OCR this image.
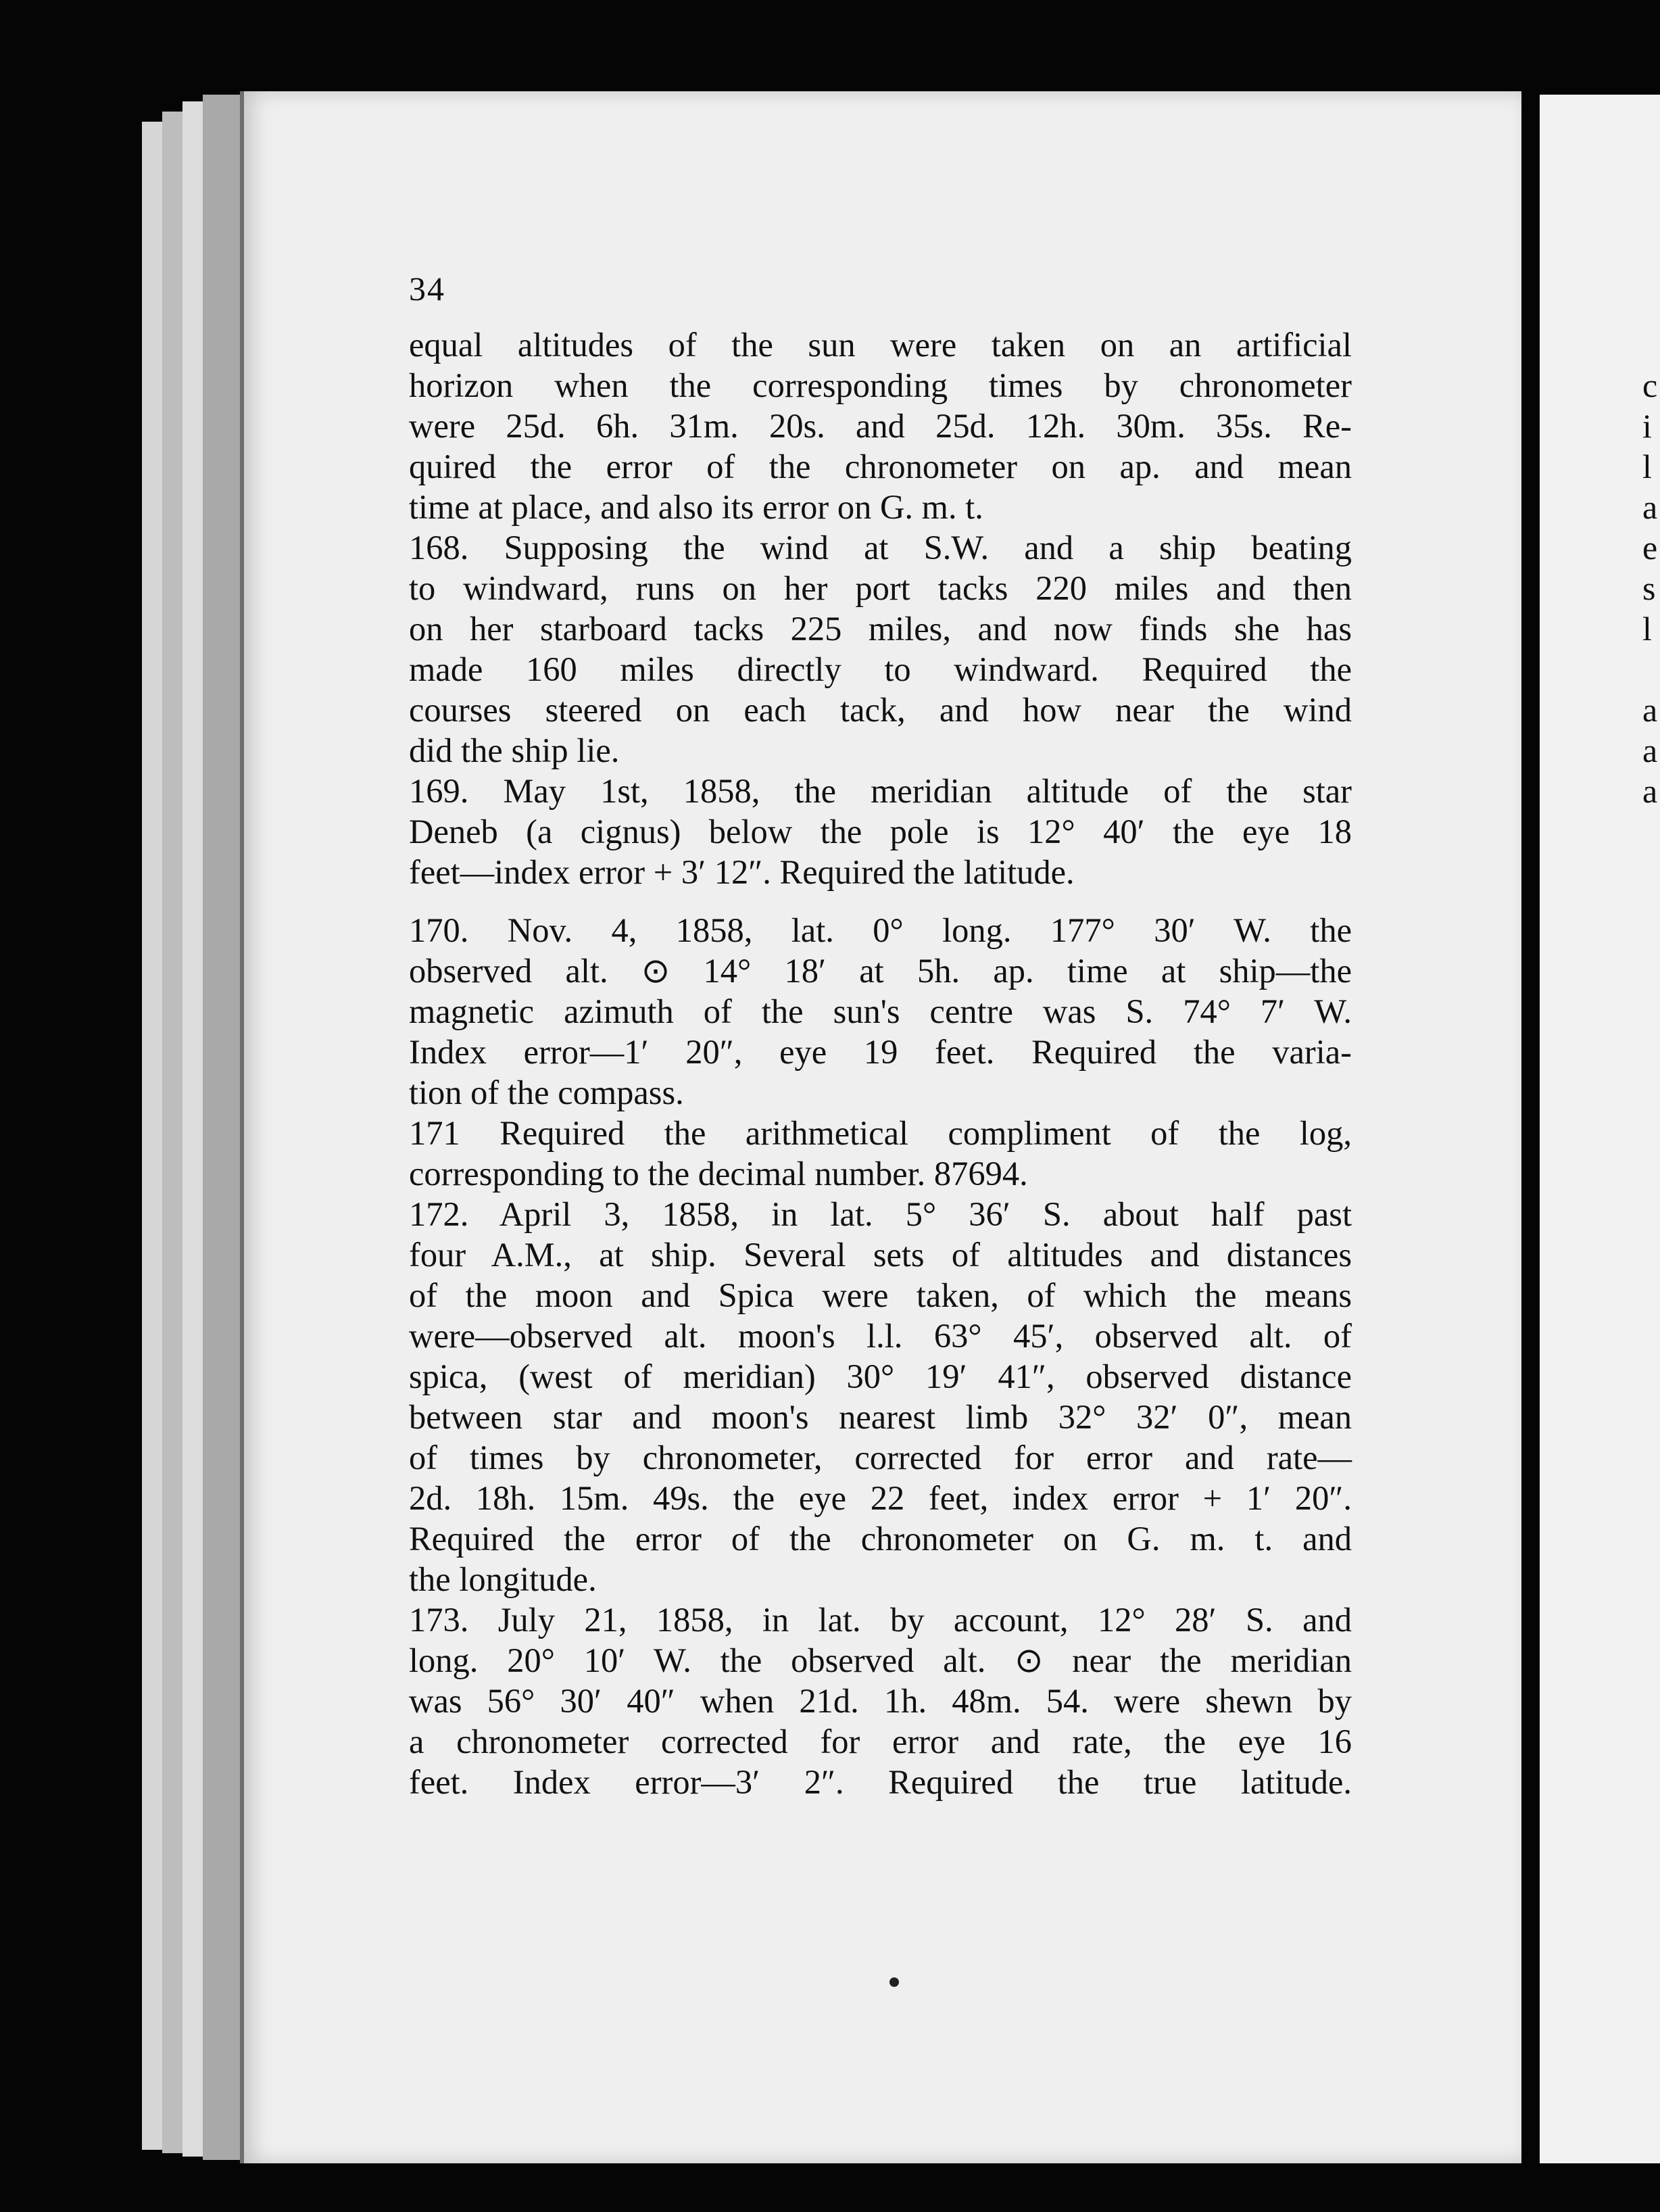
34
equal altitudes of the sun were taken on an artificial
horizon when the corresponding times by chronometer
were 25d. 6h. 31m. 20s. and 25d. 12h. 30m. 35s. Re-
quired the error of the chronometer on ap. and mean
time at place, and also its error on G. m. t.
168. Supposing the wind at S.W. and a ship beating
to windward, runs on her port tacks 220 miles and then
on her starboard tacks 225 miles, and now finds she has
made 160 miles directly to windward. Required the
courses steered on each tack, and how near the wind
did the ship lie.
169. May 1st, 1858, the meridian altitude of the star
Deneb (a cignus) below the pole is 12° 40′ the eye 18
feet—index error + 3′ 12″. Required the latitude.
170. Nov. 4, 1858, lat. 0° long. 177° 30′ W. the
observed alt. ⊙ 14° 18′ at 5h. ap. time at ship—the
magnetic azimuth of the sun's centre was S. 74° 7′ W.
Index error—1′ 20″, eye 19 feet. Required the varia-
tion of the compass.
171 Required the arithmetical compliment of the log,
corresponding to the decimal number. 87694.
172. April 3, 1858, in lat. 5° 36′ S. about half past
four A.M., at ship. Several sets of altitudes and distances
of the moon and Spica were taken, of which the means
were—observed alt. moon's l.l. 63° 45′, observed alt. of
spica, (west of meridian) 30° 19′ 41″, observed distance
between star and moon's nearest limb 32° 32′ 0″, mean
of times by chronometer, corrected for error and rate—
2d. 18h. 15m. 49s. the eye 22 feet, index error + 1′ 20″.
Required the error of the chronometer on G. m. t. and
the longitude.
173. July 21, 1858, in lat. by account, 12° 28′ S. and
long. 20° 10′ W. the observed alt. ⊙ near the meridian
was 56° 30′ 40″ when 21d. 1h. 48m. 54. were shewn by
a chronometer corrected for error and rate, the eye 16
feet. Index error—3′ 2″. Required the true latitude.
c
i
l
a
e
s
l

a
a
a
